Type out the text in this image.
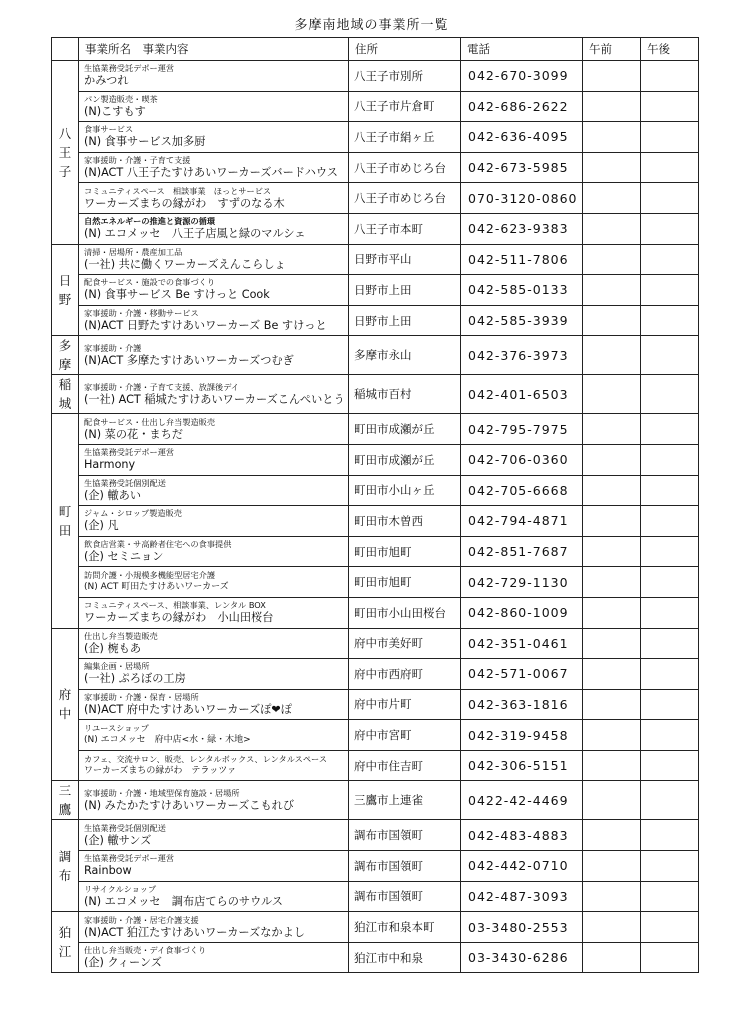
多摩南地域の事業所一覧
	事業所名　事業内容	住所	電話	午前	午後

八
王
子	生協業務受託デポー運営
かみつれ	八王子市別所	042-670-3099		

	パン製造販売・喫茶
(N)こすもす	八王子市片倉町	042-686-2622		

	食事サービス
(N) 食事サービス加多厨	八王子市絹ヶ丘	042-636-4095		

	家事援助・介護・子育て支援
(N)ACT 八王子たすけあいワーカーズバードハウス	八王子市めじろ台	042-673-5985		

	コミュニティスペース　相談事業　ほっとサービス
ワーカーズまちの縁がわ　すずのなる木	八王子市めじろ台	070-3120-0860		

	自然エネルギーの推進と資源の循環
(N) エコメッセ　八王子店風と緑のマルシェ	八王子市本町	042-623-9383		

日
野	清掃・居場所・農産加工品
(一社) 共に働くワーカーズえんこらしょ	日野市平山	042-511-7806		

	配食サービス・施設での食事づくり
(N) 食事サービス Be すけっと Cook	日野市上田	042-585-0133		

	家事援助・介護・移動サービス
(N)ACT 日野たすけあいワーカーズ Be すけっと	日野市上田	042-585-3939		

多
摩	家事援助・介護
(N)ACT 多摩たすけあいワーカーズつむぎ	多摩市永山	042-376-3973		

稲
城	家事援助・介護・子育て支援、放課後デイ
(一社) ACT 稲城たすけあいワーカーズこんぺいとう	稲城市百村	042-401-6503		

町
田	配食サービス・仕出し弁当製造販売
(N) 菜の花・まちだ	町田市成瀬が丘	042-795-7975		

	生協業務受託デポー運営
Harmony	町田市成瀬が丘	042-706-0360		

	生協業務受託個別配送
(企) 轍あい	町田市小山ヶ丘	042-705-6668		

	ジャム・シロップ製造販売
(企) 凡	町田市木曽西	042-794-4871		

	飲食店営業・サ高齢者住宅への食事提供
(企) セミニョン	町田市旭町	042-851-7687		

	訪問介護・小規模多機能型居宅介護
(N) ACT 町田たすけあいワーカーズ	町田市旭町	042-729-1130		

	コミュニティスペース、相談事業、レンタル BOX
ワーカーズまちの縁がわ　小山田桜台	町田市小山田桜台	042-860-1009		

府
中	仕出し弁当製造販売
(企) 椀もあ	府中市美好町	042-351-0461		

	編集企画・居場所
(一社) ぷろぼの工房	府中市西府町	042-571-0067		

	家事援助・介護・保育・居場所
(N)ACT 府中たすけあいワーカーズぽ❤ぽ	府中市片町	042-363-1816		

	リユースショップ
(N) エコメッセ　府中店<水・緑・木地>	府中市宮町	042-319-9458		

	カフェ、交流サロン、販売、レンタルボックス、レンタルスペース
ワーカーズまちの縁がわ　テラッツァ	府中市住吉町	042-306-5151		

三
鷹	家事援助・介護・地域型保育施設・居場所
(N) みたかたすけあいワーカーズこもれび	三鷹市上連雀	0422-42-4469		

調
布	生協業務受託個別配送
(企) 轍サンズ	調布市国領町	042-483-4883		

	生協業務受託デポー運営
Rainbow	調布市国領町	042-442-0710		

	リサイクルショップ
(N) エコメッセ　調布店てらのサウルス	調布市国領町	042-487-3093		

狛
江	家事援助・介護・居宅介護支援
(N)ACT 狛江たすけあいワーカーズなかよし	狛江市和泉本町	03-3480-2553		

	仕出し弁当販売・デイ食事づくり
(企) クィーンズ	狛江市中和泉	03-3430-6286		
